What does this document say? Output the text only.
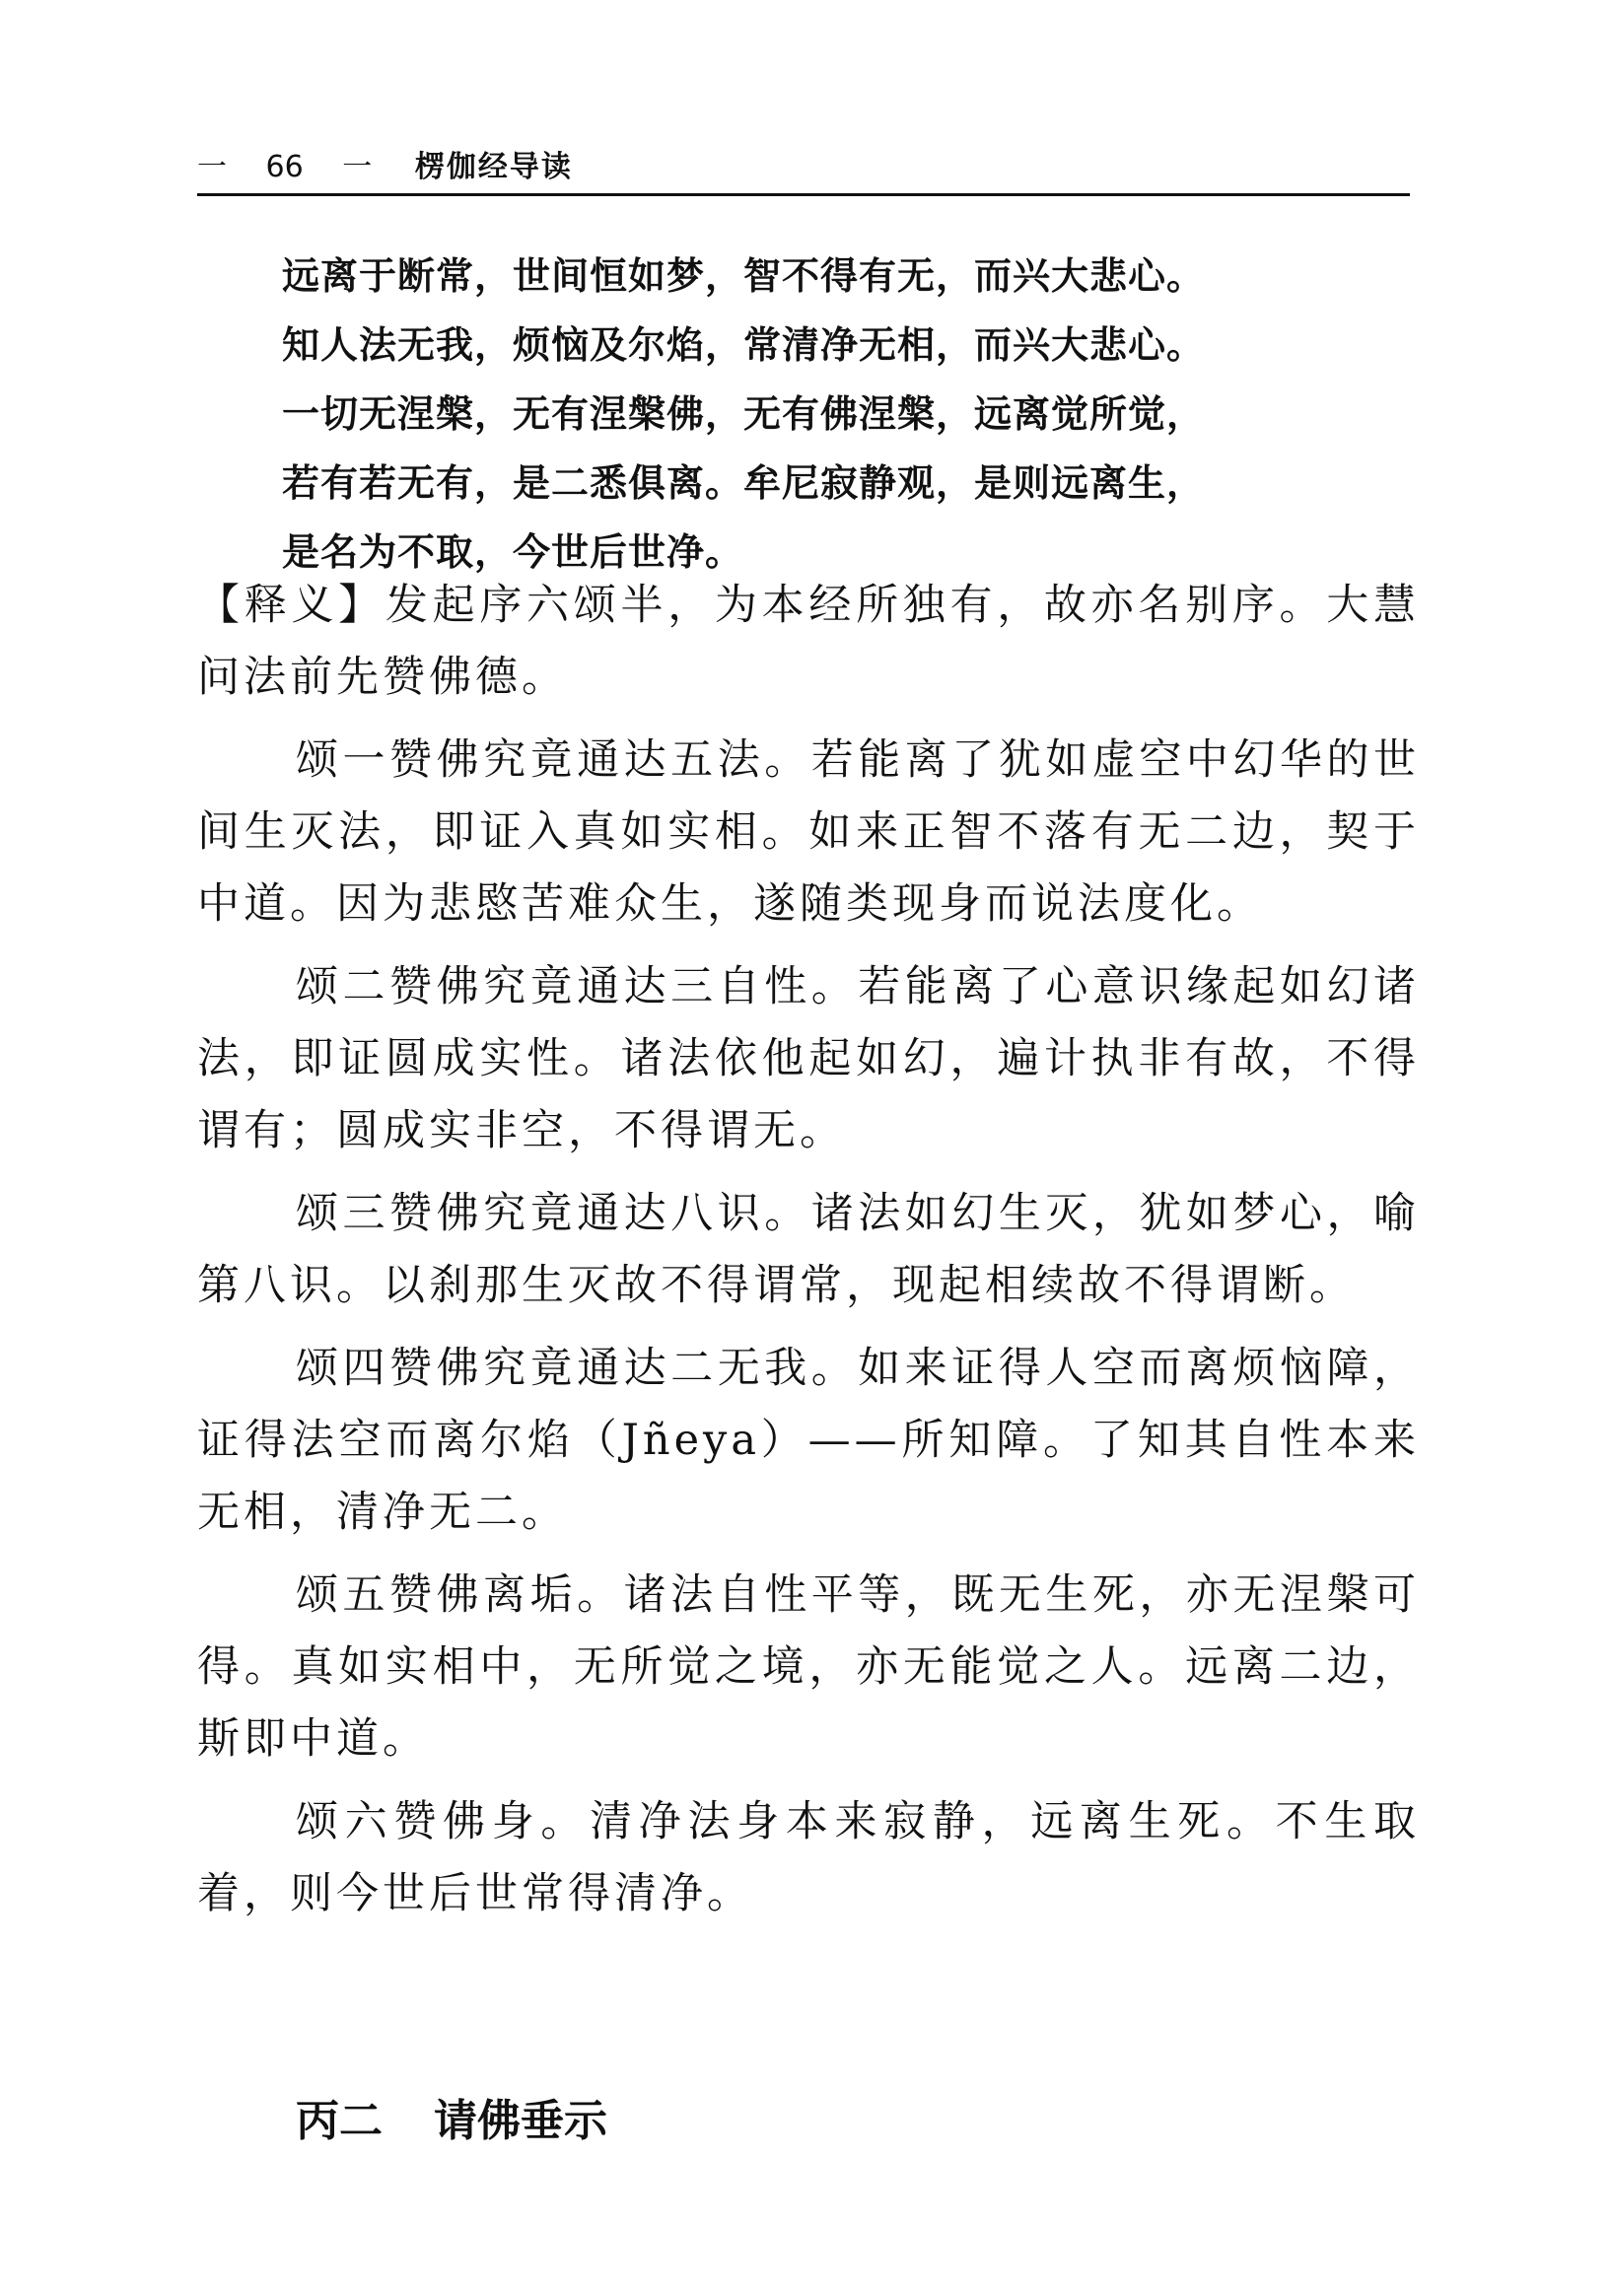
一 66 一 楞伽经导读
远离于断常，世间恒如梦，智不得有无，而兴大悲心。
知人法无我，烦恼及尔焰，常清净无相，而兴大悲心。
一切无涅槃，无有涅槃佛，无有佛涅槃，远离觉所觉，
若有若无有，是二悉俱离。牟尼寂静观，是则远离生，
是名为不取，今世后世净。

【释义】发起序六颂半，为本经所独有，故亦名别序。大慧问法前先赞佛德。

颂一赞佛究竟通达五法。若能离了犹如虚空中幻华的世间生灭法，即证入真如实相。如来正智不落有无二边，契于中道。因为悲愍苦难众生，遂随类现身而说法度化。

颂二赞佛究竟通达三自性。若能离了心意识缘起如幻诸法，即证圆成实性。诸法依他起如幻，遍计执非有故，不得谓有；圆成实非空，不得谓无。

颂三赞佛究竟通达八识。诸法如幻生灭，犹如梦心，喻第八识。以刹那生灭故不得谓常，现起相续故不得谓断。

颂四赞佛究竟通达二无我。如来证得人空而离烦恼障，证得法空而离尔焰（Jñeya）——所知障。了知其自性本来无相，清净无二。

颂五赞佛离垢。诸法自性平等，既无生死，亦无涅槃可得。真如实相中，无所觉之境，亦无能觉之人。远离二边，斯即中道。

颂六赞佛身。清净法身本来寂静，远离生死。不生取着，则今世后世常得清净。

丙二 请佛垂示
